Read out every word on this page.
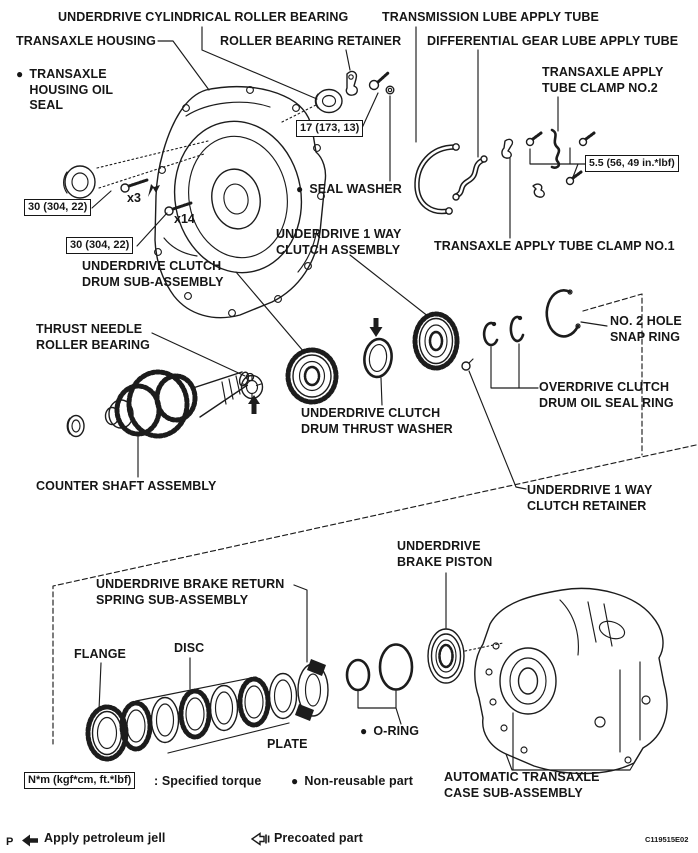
UNDERDRIVE CYLINDRICAL ROLLER BEARING	TRANSMISSION LUBE APPLY TUBE
TRANSAXLE HOUSING	ROLLER BEARING RETAINER DIFFERENTIAL GEAR LUBE APPLY TUBE
● TRANSAXLE HOUSING OIL SEAL
TRANSAXLE APPLY TUBE CLAMP NO.2
17 (173, 13)
● SEAL WASHER
5.5 (56, 49 in.*lbf)
30 (304, 22)
x3
30 (304, 22)
x14
UNDERDRIVE 1 WAY CLUTCH ASSEMBLY	TRANSAXLE APPLY TUBE CLAMP NO.1
UNDERDRIVE CLUTCH DRUM SUB-ASSEMBLY
THRUST NEEDLE ROLLER BEARING
NO. 2 HOLE SNAP RING
OVERDRIVE CLUTCH DRUM OIL SEAL RING
UNDERDRIVE CLUTCH DRUM THRUST WASHER
COUNTER SHAFT ASSEMBLY	UNDERDRIVE 1 WAY CLUTCH RETAINER
UNDERDRIVE BRAKE PISTON
UNDERDRIVE BRAKE RETURN SPRING SUB-ASSEMBLY
FLANGE	DISC
PLATE
● O-RING
AUTOMATIC TRANSAXLE CASE SUB-ASSEMBLY
N*m (kgf*cm, ft.*lbf)	: Specified torque ● Non-reusable part
Apply petroleum jell	Precoated part
P	C119515E02
